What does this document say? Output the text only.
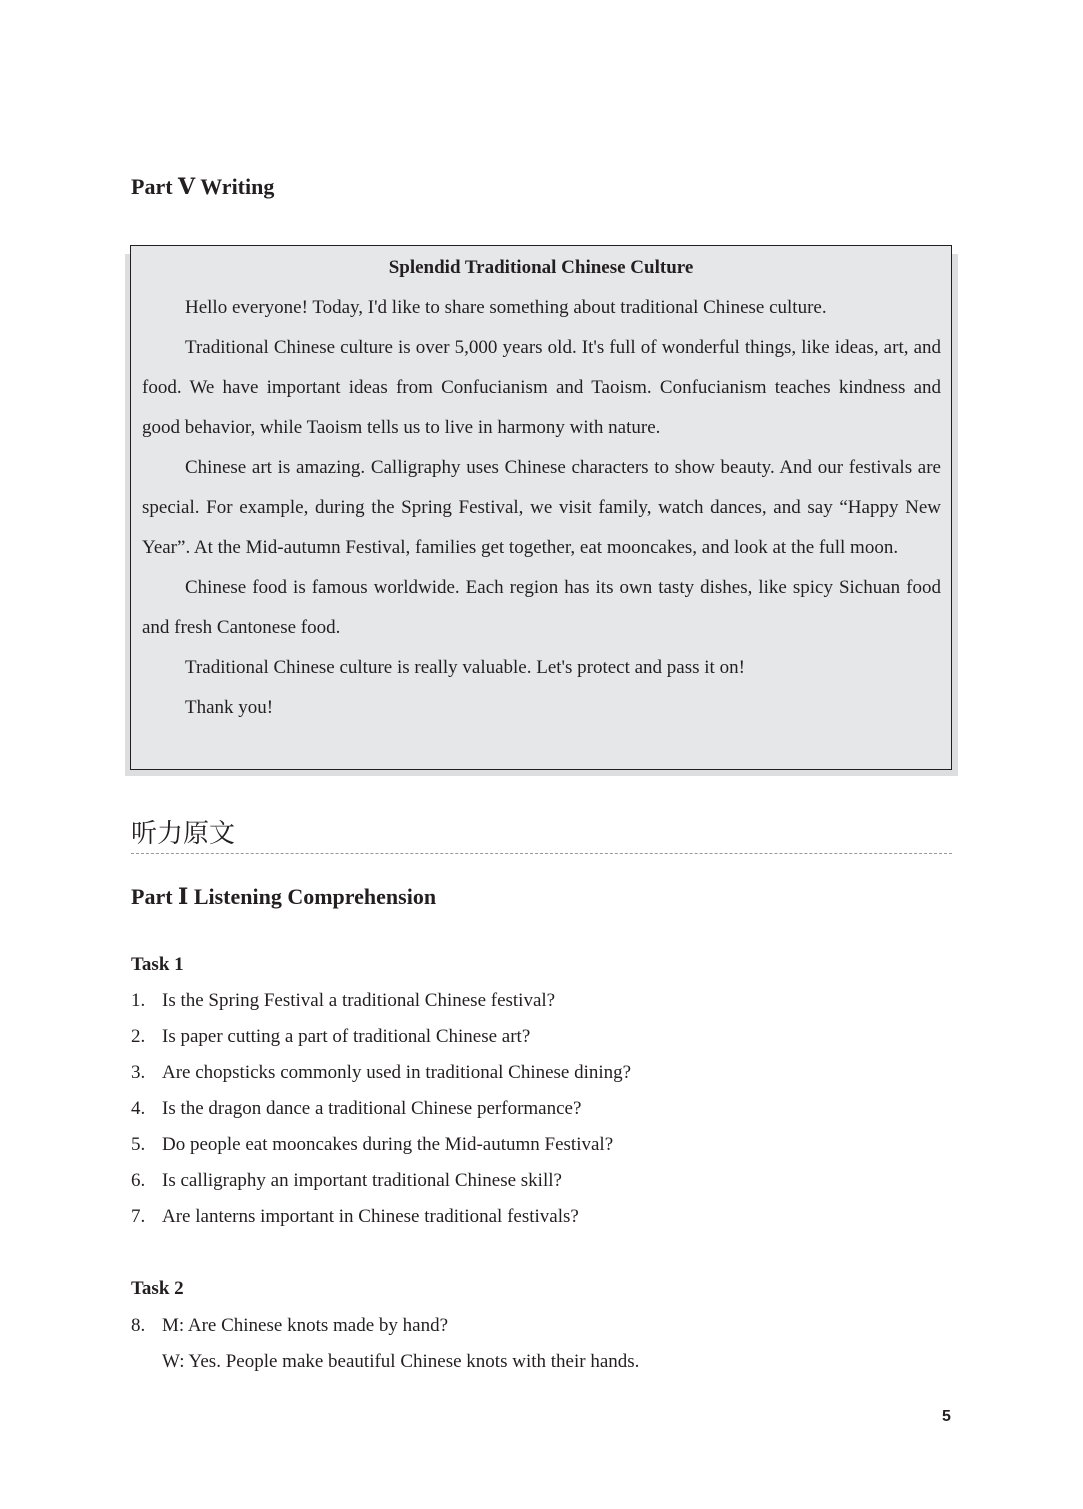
Part Ⅴ Writing
Splendid Traditional Chinese Culture

Hello everyone! Today, I'd like to share something about traditional Chinese culture.

Traditional Chinese culture is over 5,000 years old. It's full of wonderful things, like ideas, art, and food. We have important ideas from Confucianism and Taoism. Confucianism teaches kindness and good behavior, while Taoism tells us to live in harmony with nature.

Chinese art is amazing. Calligraphy uses Chinese characters to show beauty. And our festivals are special. For example, during the Spring Festival, we visit family, watch dances, and say “Happy New Year”. At the Mid-autumn Festival, families get together, eat mooncakes, and look at the full moon.

Chinese food is famous worldwide. Each region has its own tasty dishes, like spicy Sichuan food and fresh Cantonese food.

Traditional Chinese culture is really valuable. Let's protect and pass it on!

Thank you!

听力原文
Part Ⅰ Listening Comprehension
Task 1
1. Is the Spring Festival a traditional Chinese festival?
2. Is paper cutting a part of traditional Chinese art?
3. Are chopsticks commonly used in traditional Chinese dining?
4. Is the dragon dance a traditional Chinese performance?
5. Do people eat mooncakes during the Mid-autumn Festival?
6. Is calligraphy an important traditional Chinese skill?
7. Are lanterns important in Chinese traditional festivals?
Task 2
8. M: Are Chinese knots made by hand?
W: Yes. People make beautiful Chinese knots with their hands.
5
